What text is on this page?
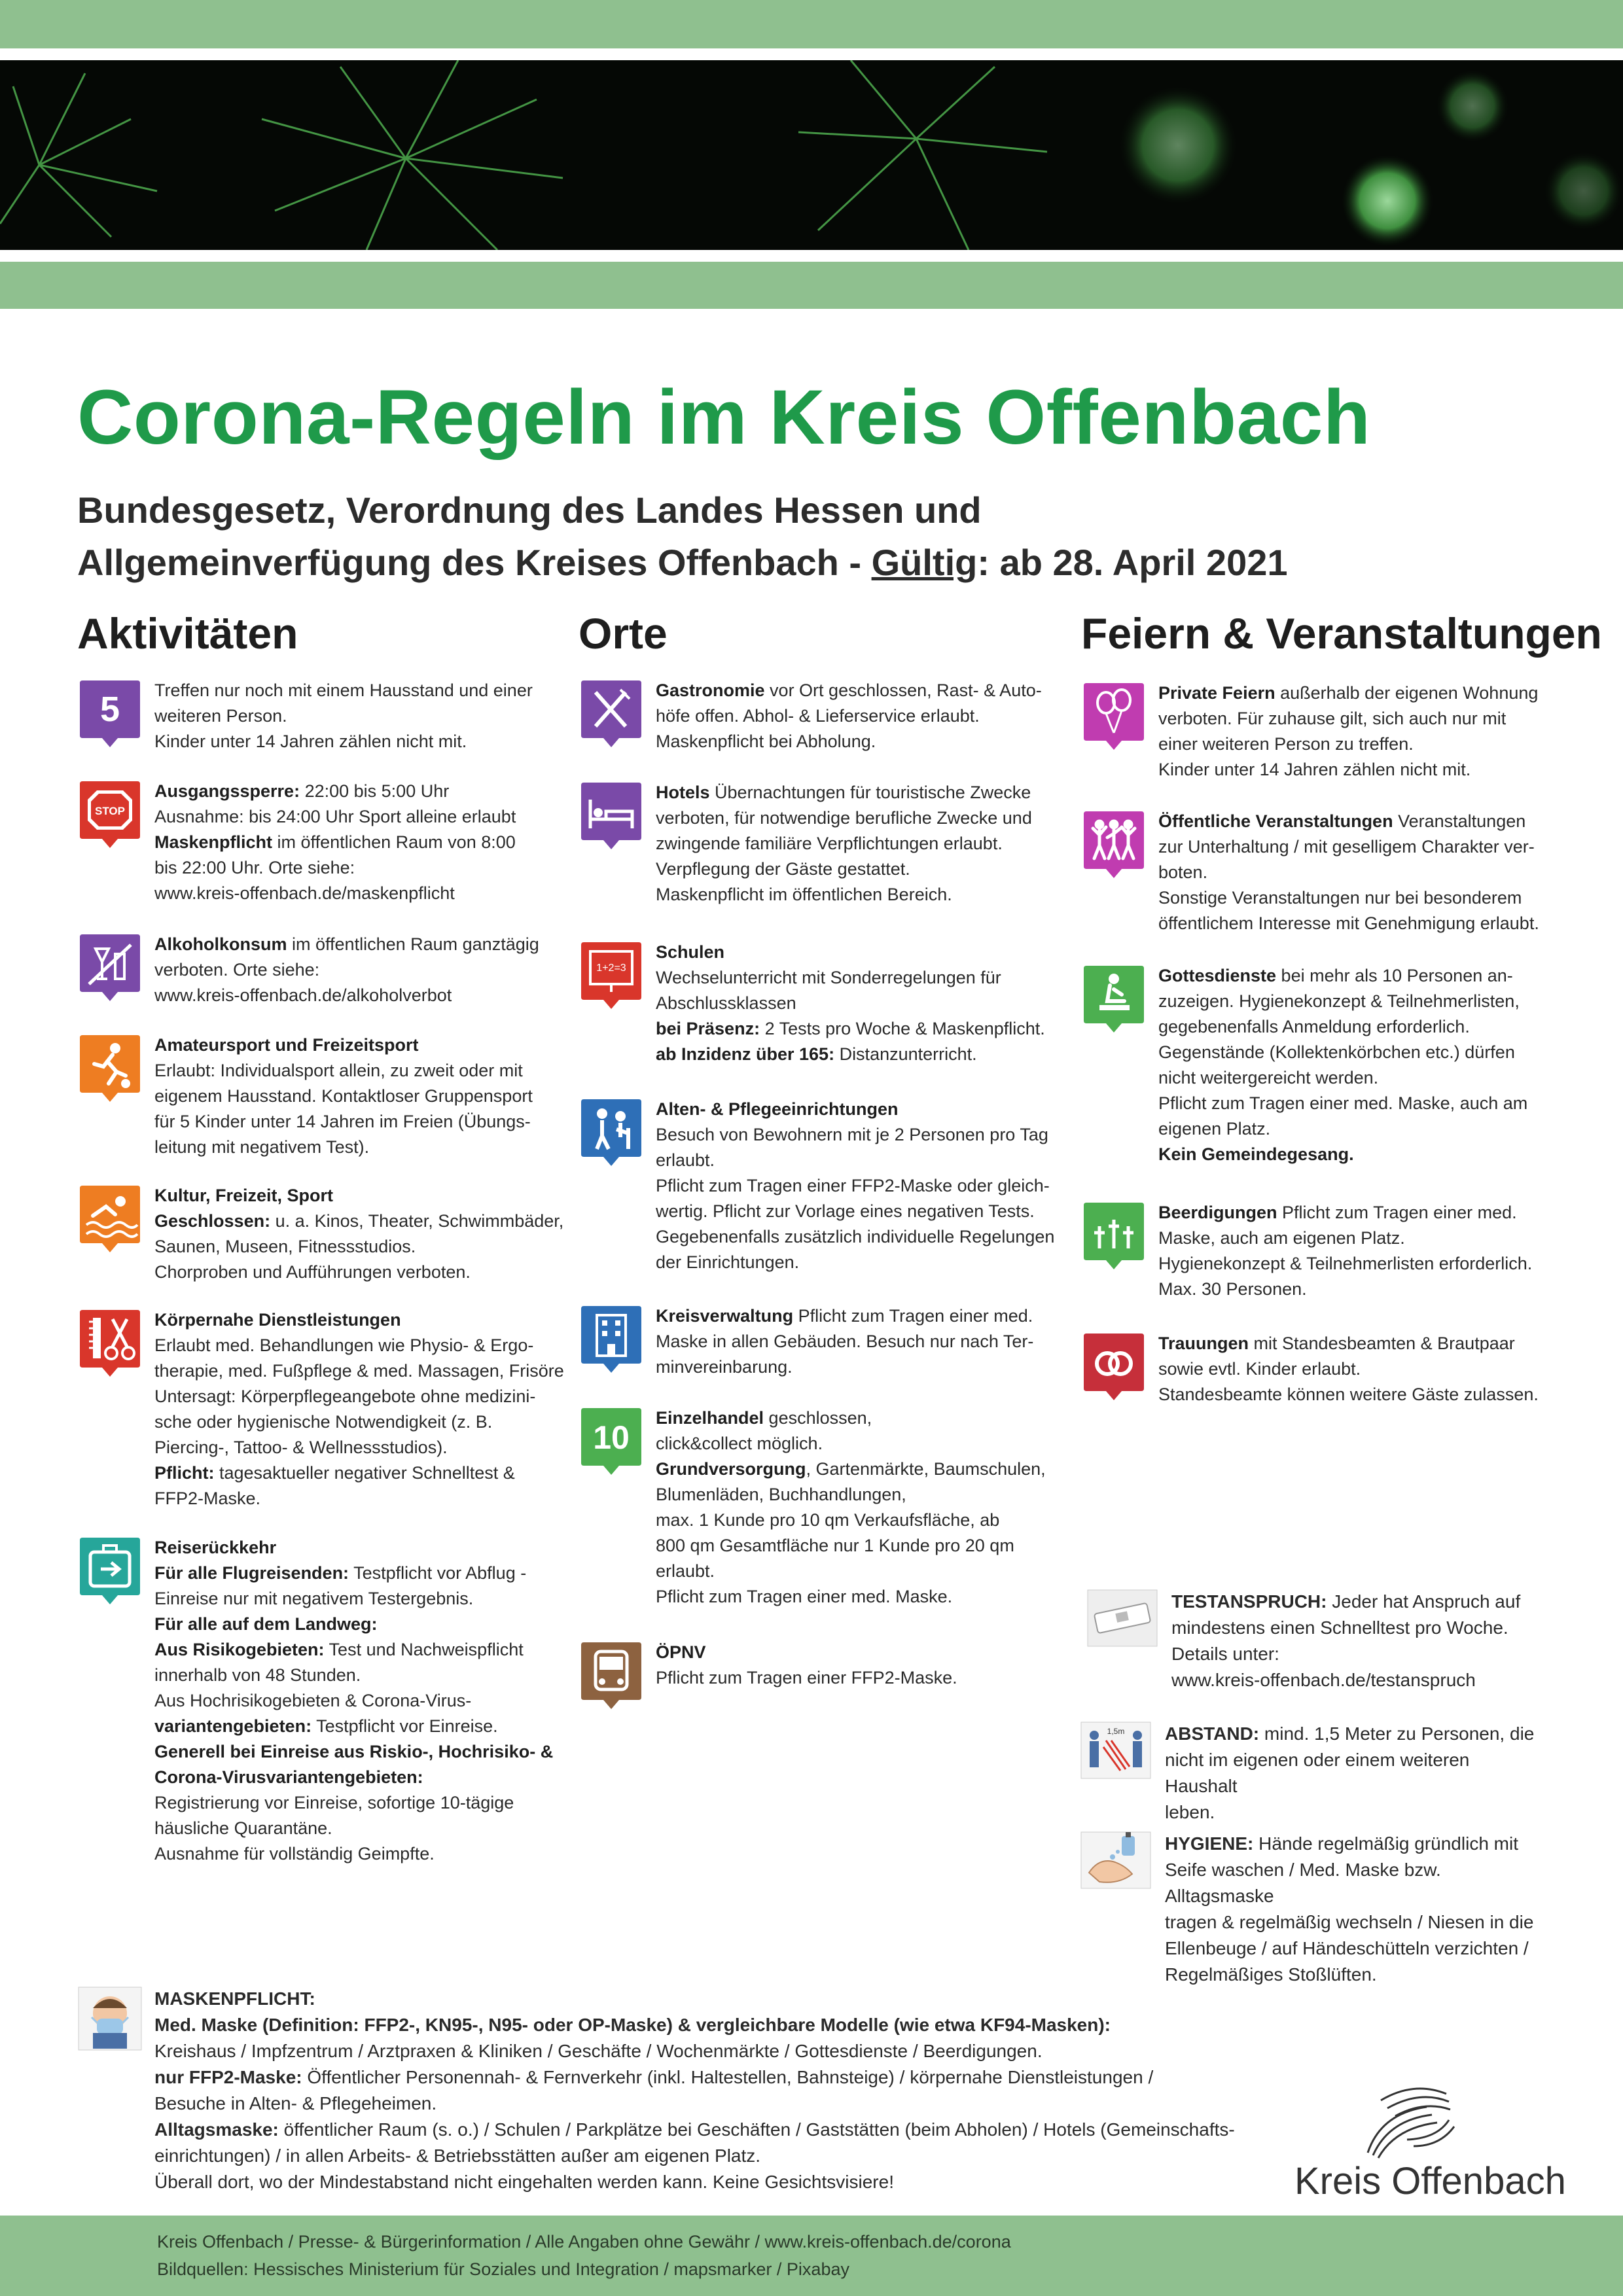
Corona-Regeln im Kreis Offenbach

Bundesgesetz, Verordnung des Landes Hessen und

Allgemeinverfügung des Kreises Offenbach - Gültig: ab 28. April 2021

Aktivitäten	Orte	Feiern & Veranstaltungen
5 Treffen nur noch mit einem Hausstand und einer

weiteren Person.

Kinder unter 14 Jahren zählen nicht mit.

STOP

Ausgangssperre: 22:00 bis 5:00 Uhr

Ausnahme: bis 24:00 Uhr Sport alleine erlaubt

Maskenpflicht im öffentlichen Raum von 8:00

bis 22:00 Uhr. Orte siehe:

www.kreis-offenbach.de/maskenpflicht

Alkoholkonsum im öffentlichen Raum ganztägig

verboten. Orte siehe:

www.kreis-offenbach.de/alkoholverbot

Amateursport und Freizeitsport

Erlaubt: Individualsport allein, zu zweit oder mit

eigenem Hausstand. Kontaktloser Gruppensport

für 5 Kinder unter 14 Jahren im Freien (Übungs-

leitung mit negativem Test).

Kultur, Freizeit, Sport

Geschlossen: u. a. Kinos, Theater, Schwimmbäder,

Saunen, Museen, Fitnessstudios.

Chorproben und Aufführungen verboten.

Körpernahe Dienstleistungen

Erlaubt med. Behandlungen wie Physio- & Ergo-

therapie, med. Fußpflege & med. Massagen, Frisöre

Untersagt: Körperpflegeangebote ohne medizini-

sche oder hygienische Notwendigkeit (z. B.

Piercing-, Tattoo- & Wellnessstudios).

Pflicht: tagesaktueller negativer Schnelltest &

FFP2-Maske.

Reiserückkehr

Für alle Flugreisenden: Testpflicht vor Abflug -

Einreise nur mit negativem Testergebnis.

Für alle auf dem Landweg:

Aus Risikogebieten: Test und Nachweispflicht

innerhalb von 48 Stunden.

Aus Hochrisikogebieten & Corona-Virus-

variantengebieten: Testpflicht vor Einreise.

Generell bei Einreise aus Riskio-, Hochrisiko- &

Corona-Virusvariantengebieten:

Registrierung vor Einreise, sofortige 10-tägige

häusliche Quarantäne.

Ausnahme für vollständig Geimpfte.

Gastronomie vor Ort geschlossen, Rast- & Auto-

höfe offen. Abhol- & Lieferservice erlaubt.

Maskenpflicht bei Abholung.

Hotels Übernachtungen für touristische Zwecke

verboten, für notwendige berufliche Zwecke und

zwingende familiäre Verpflichtungen erlaubt.

Verpflegung der Gäste gestattet.

Maskenpflicht im öffentlichen Bereich.

1+2=3

Schulen

Wechselunterricht mit Sonderregelungen für

Abschlussklassen

bei Präsenz: 2 Tests pro Woche & Maskenpflicht.

ab Inzidenz über 165: Distanzunterricht.

Alten- & Pflegeeinrichtungen

Besuch von Bewohnern mit je 2 Personen pro Tag

erlaubt.

Pflicht zum Tragen einer FFP2-Maske oder gleich-

wertig. Pflicht zur Vorlage eines negativen Tests.

Gegebenenfalls zusätzlich individuelle Regelungen

der Einrichtungen.

Kreisverwaltung Pflicht zum Tragen einer med.

Maske in allen Gebäuden. Besuch nur nach Ter-

minvereinbarung.

10

Einzelhandel geschlossen,

click&collect möglich.

Grundversorgung, Gartenmärkte, Baumschulen,

Blumenläden, Buchhandlungen,

max. 1 Kunde pro 10 qm Verkaufsfläche, ab

800 qm Gesamtfläche nur 1 Kunde pro 20 qm

erlaubt.

Pflicht zum Tragen einer med. Maske.

ÖPNV

Pflicht zum Tragen einer FFP2-Maske.

Private Feiern außerhalb der eigenen Wohnung

verboten. Für zuhause gilt, sich auch nur mit

einer weiteren Person zu treffen.

Kinder unter 14 Jahren zählen nicht mit.

Öffentliche Veranstaltungen Veranstaltungen

zur Unterhaltung / mit geselligem Charakter ver-

boten.

Sonstige Veranstaltungen nur bei besonderem

öffentlichem Interesse mit Genehmigung erlaubt.

Gottesdienste bei mehr als 10 Personen an-

zuzeigen. Hygienekonzept & Teilnehmerlisten,

gegebenenfalls Anmeldung erforderlich.

Gegenstände (Kollektenkörbchen etc.) dürfen

nicht weitergereicht werden.

Pflicht zum Tragen einer med. Maske, auch am

eigenen Platz.

Kein Gemeindegesang.

Beerdigungen Pflicht zum Tragen einer med.

Maske, auch am eigenen Platz.

Hygienekonzept & Teilnehmerlisten erforderlich.

Max. 30 Personen.

Trauungen mit Standesbeamten & Brautpaar

sowie evtl. Kinder erlaubt.

Standesbeamte können weitere Gäste zulassen.

TESTANSPRUCH: Jeder hat Anspruch auf

mindestens einen Schnelltest pro Woche.

Details unter:

www.kreis-offenbach.de/testanspruch

1,5m ABSTAND: mind. 1,5 Meter zu Personen, die

nicht im eigenen oder einem weiteren Haushalt

leben.

HYGIENE: Hände regelmäßig gründlich mit

Seife waschen / Med. Maske bzw. Alltagsmaske

tragen & regelmäßig wechseln / Niesen in die

Ellenbeuge / auf Händeschütteln verzichten /

Regelmäßiges Stoßlüften.

MASKENPFLICHT:

Med. Maske (Definition: FFP2-, KN95-, N95- oder OP-Maske) & vergleichbare Modelle (wie etwa KF94-Masken):

Kreishaus / Impfzentrum / Arztpraxen & Kliniken / Geschäfte / Wochenmärkte / Gottesdienste / Beerdigungen.

nur FFP2-Maske: Öffentlicher Personennah- & Fernverkehr (inkl. Haltestellen, Bahnsteige) / körpernahe Dienstleistungen /

Besuche in Alten- & Pflegeheimen.

Alltagsmaske: öffentlicher Raum (s. o.) / Schulen / Parkplätze bei Geschäften / Gaststätten (beim Abholen) / Hotels (Gemeinschafts-

einrichtungen) / in allen Arbeits- & Betriebsstätten außer am eigenen Platz.

Überall dort, wo der Mindestabstand nicht eingehalten werden kann. Keine Gesichtsvisiere!	Kreis Offenbach

Kreis Offenbach / Presse- & Bürgerinformation / Alle Angaben ohne Gewähr / www.kreis-offenbach.de/corona

Bildquellen: Hessisches Ministerium für Soziales und Integration / mapsmarker / Pixabay
